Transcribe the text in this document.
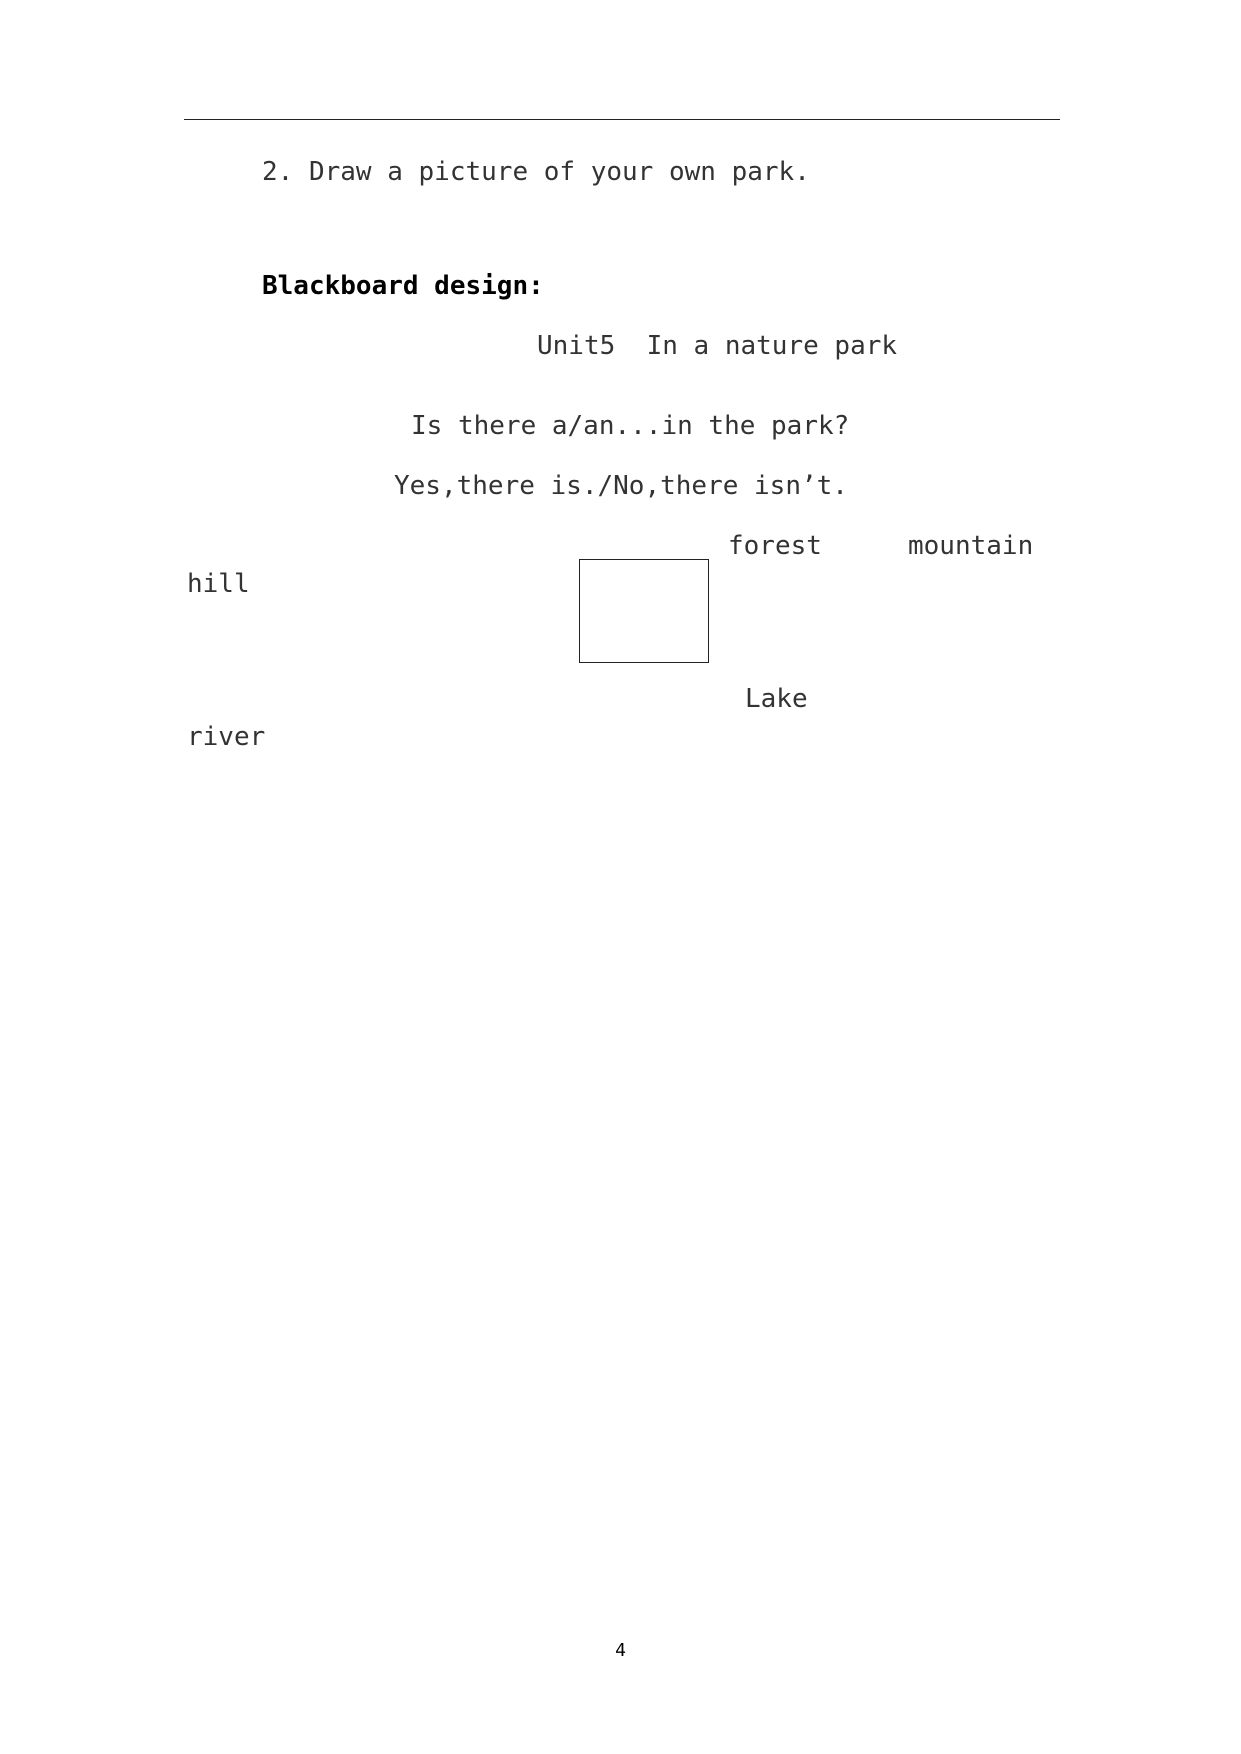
2. Draw a picture of your own park.
Blackboard design:
Unit5  In a nature park
Is there a/an...in the park?
Yes,there is./No,there isn’t.
forest	mountain
hill
Lake
river
4
